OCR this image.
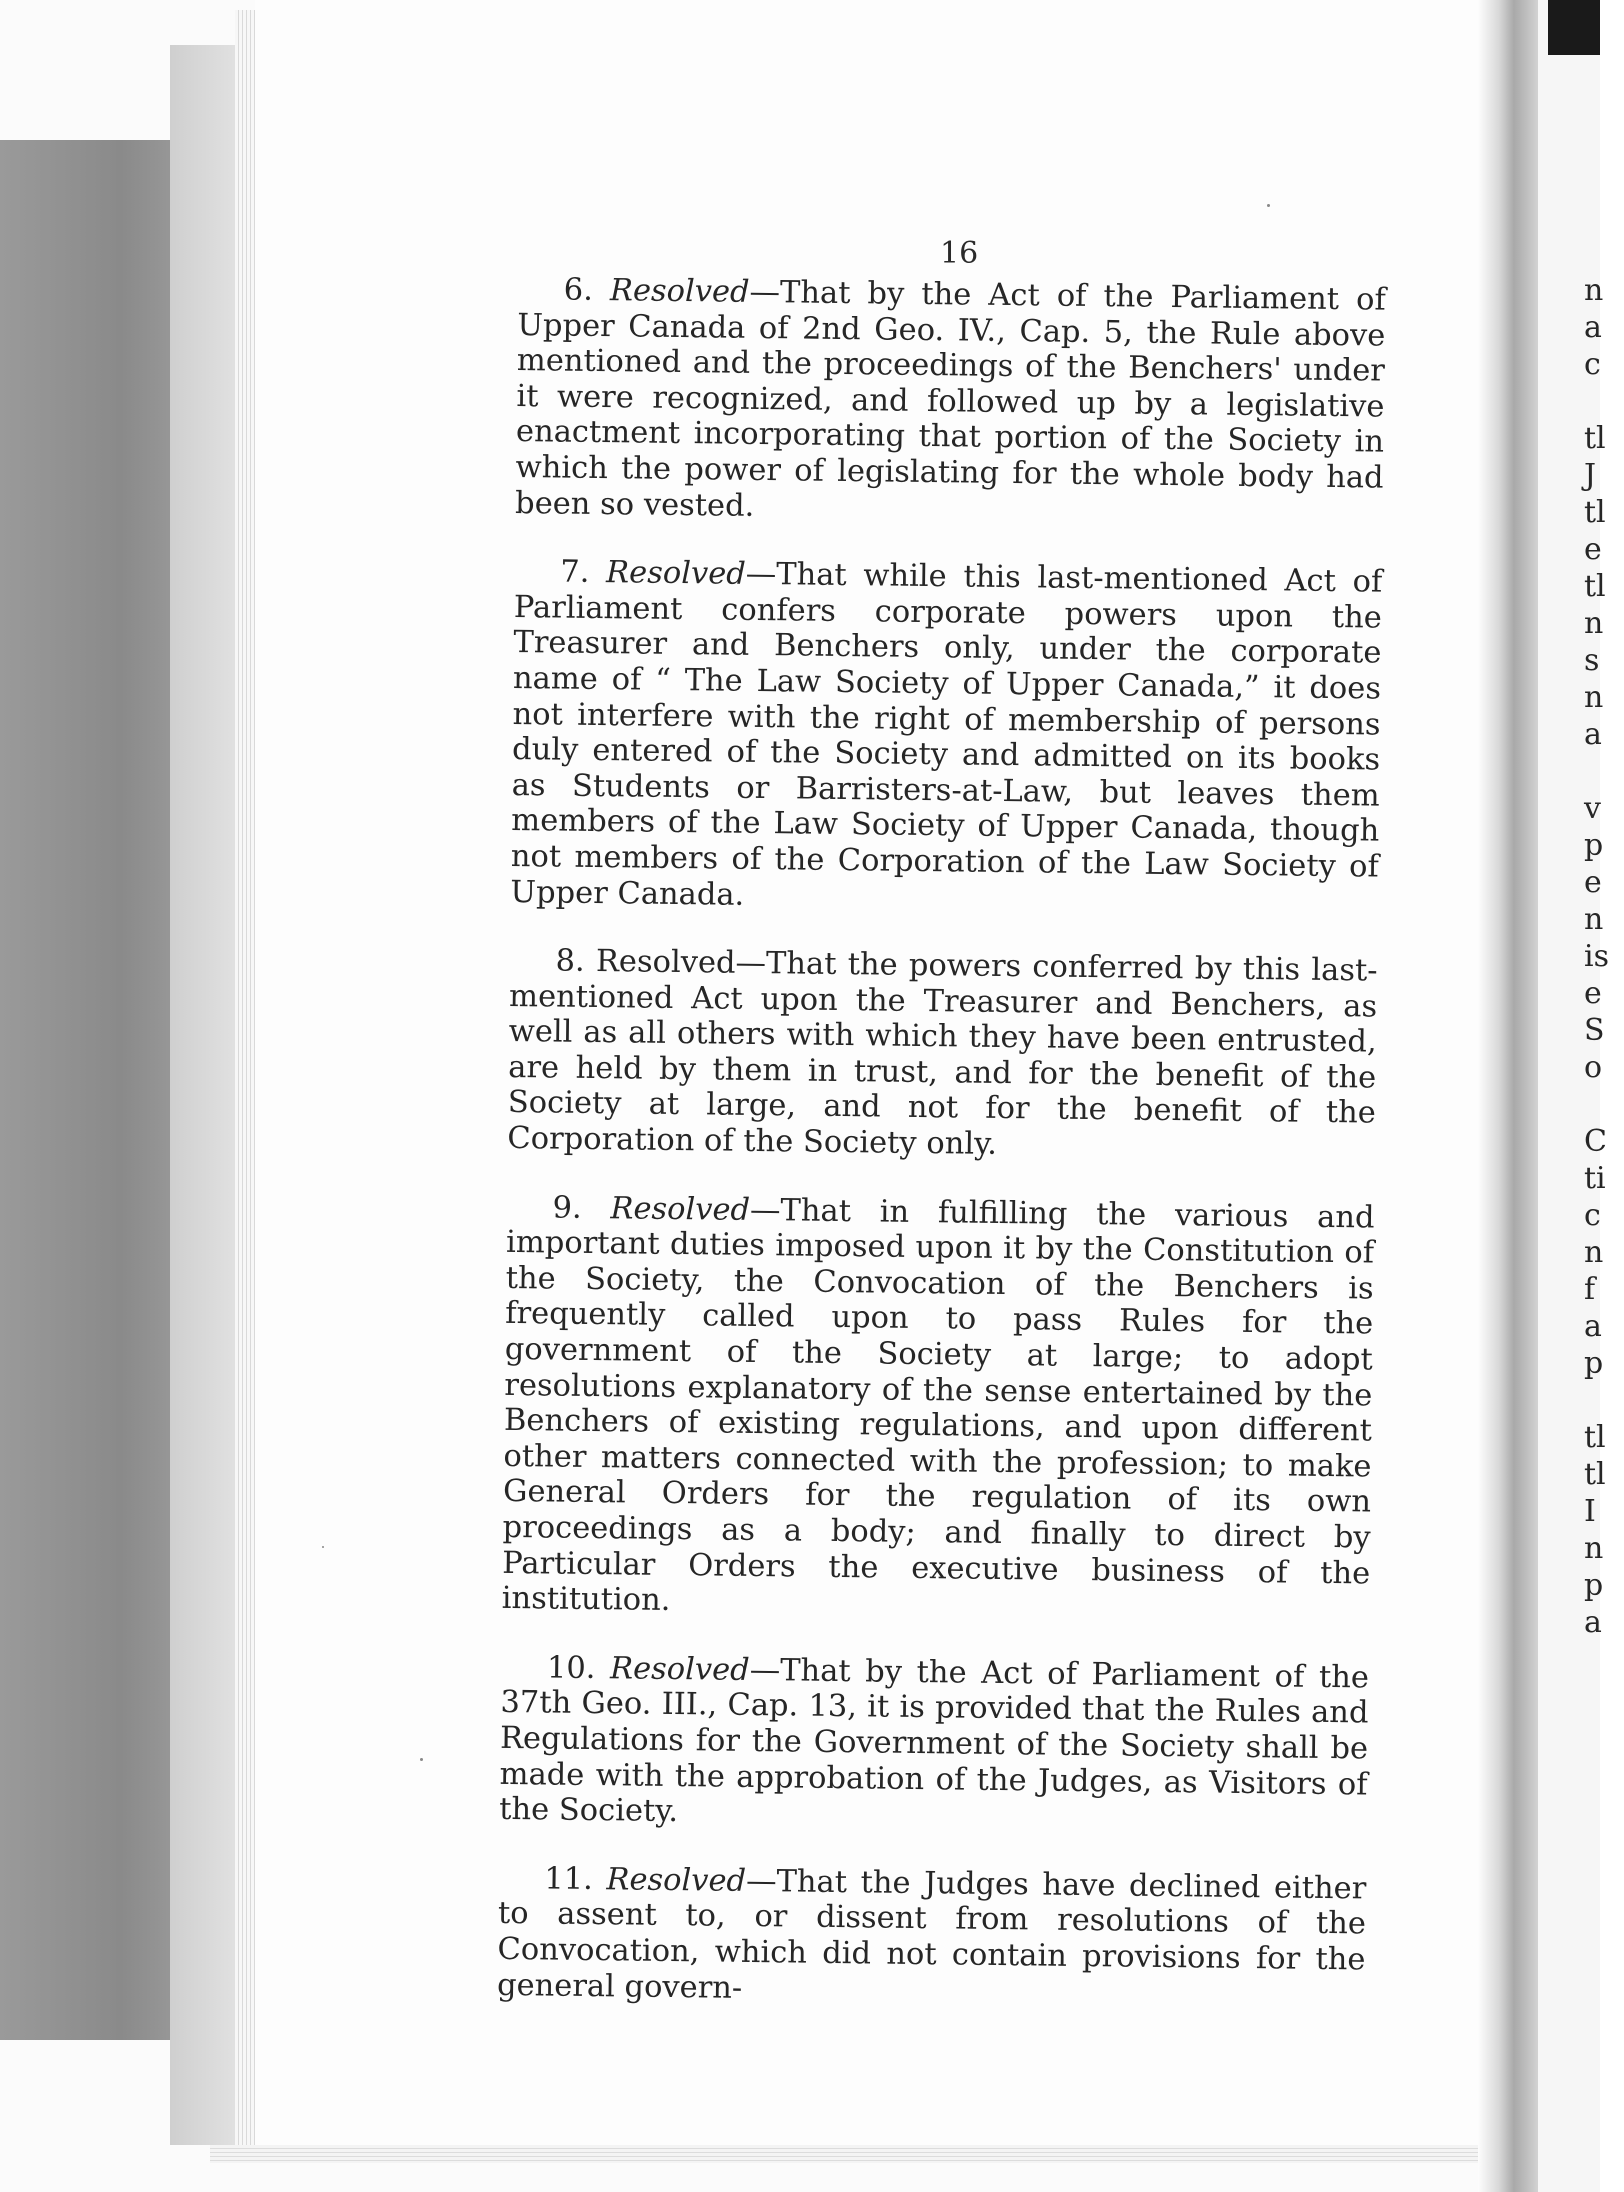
16

6. Resolved—That by the Act of the Parliament of Upper Canada of 2nd Geo. IV., Cap. 5, the Rule above mentioned and the proceedings of the Benchers' under it were recognized, and followed up by a legislative enactment incorporating that portion of the Society in which the power of legislating for the whole body had been so vested.

7. Resolved—That while this last-mentioned Act of Parliament confers corporate powers upon the Treasurer and Benchers only, under the corporate name of “ The Law Society of Upper Canada,” it does not interfere with the right of membership of persons duly entered of the Society and admitted on its books as Students or Barristers-at-Law, but leaves them members of the Law Society of Upper Canada, though not members of the Corporation of the Law Society of Upper Canada.

8. Resolved—That the powers conferred by this last-mentioned Act upon the Treasurer and Benchers, as well as all others with which they have been entrusted, are held by them in trust, and for the benefit of the Society at large, and not for the benefit of the Corporation of the Society only.

9. Resolved—That in fulfilling the various and important duties imposed upon it by the Constitution of the Society, the Convocation of the Benchers is frequently called upon to pass Rules for the government of the Society at large; to adopt resolutions explanatory of the sense entertained by the Benchers of existing regulations, and upon different other matters connected with the profession; to make General Orders for the regulation of its own proceedings as a body; and finally to direct by Particular Orders the executive business of the institution.

10. Resolved—That by the Act of Parliament of the 37th Geo. III., Cap. 13, it is provided that the Rules and Regulations for the Government of the Society shall be made with the approbation of the Judges, as Visitors of the Society.

11. Resolved—That the Judges have declined either to assent to, or dissent from resolutions of the Convocation, which did not contain provisions for the general govern-

n
a
c
tl
J
tl
e
tl
n
s
n
a
v
p
e
n
is
e
S
o
C
ti
c
n
f
a
p
tl
tl
I
n
p
a
